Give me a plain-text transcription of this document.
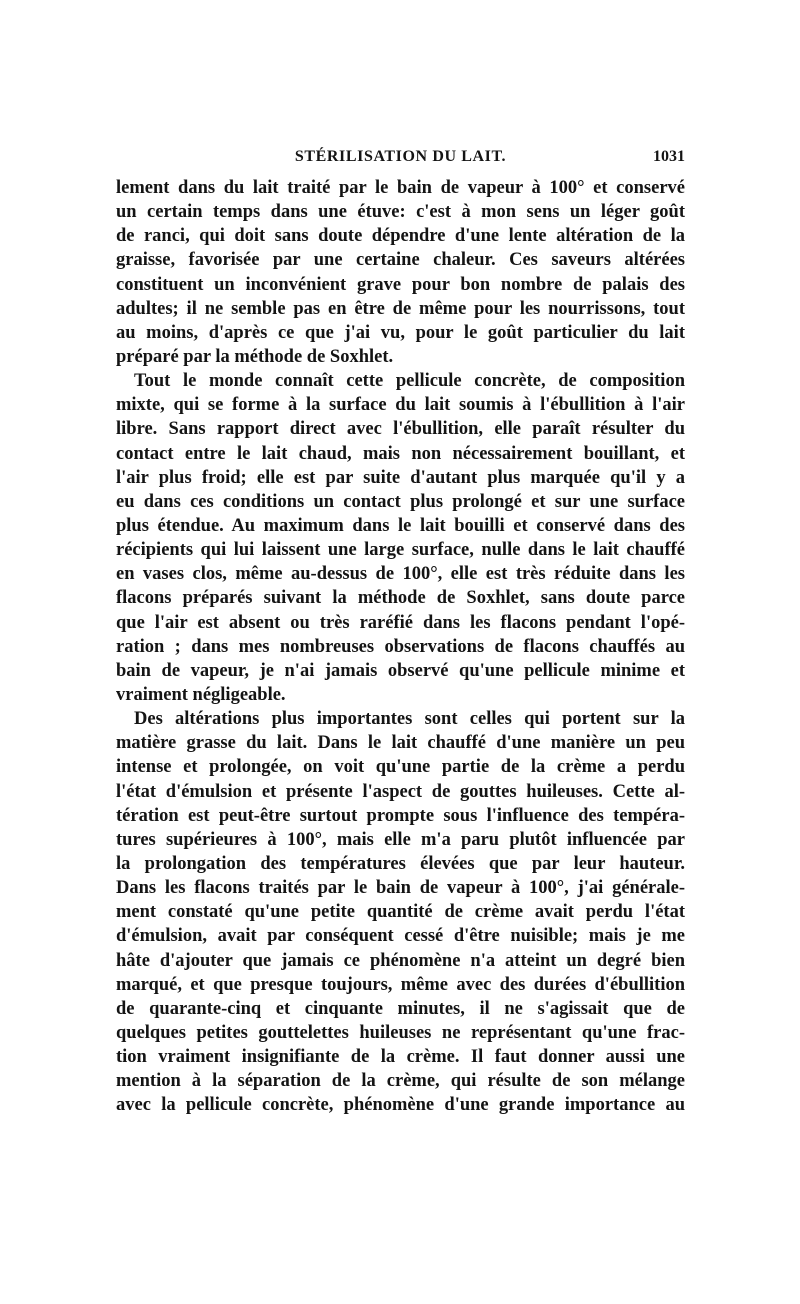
STÉRILISATION DU LAIT.	1031
lement dans du lait traité par le bain de vapeur à 100° et conservé
un certain temps dans une étuve: c'est à mon sens un léger goût
de ranci, qui doit sans doute dépendre d'une lente altération de la
graisse, favorisée par une certaine chaleur. Ces saveurs altérées
constituent un inconvénient grave pour bon nombre de palais des
adultes; il ne semble pas en être de même pour les nourrissons, tout
au moins, d'après ce que j'ai vu, pour le goût particulier du lait
préparé par la méthode de Soxhlet.
Tout le monde connaît cette pellicule concrète, de composition
mixte, qui se forme à la surface du lait soumis à l'ébullition à l'air
libre. Sans rapport direct avec l'ébullition, elle paraît résulter du
contact entre le lait chaud, mais non nécessairement bouillant, et
l'air plus froid; elle est par suite d'autant plus marquée qu'il y a
eu dans ces conditions un contact plus prolongé et sur une surface
plus étendue. Au maximum dans le lait bouilli et conservé dans des
récipients qui lui laissent une large surface, nulle dans le lait chauffé
en vases clos, même au-dessus de 100°, elle est très réduite dans les
flacons préparés suivant la méthode de Soxhlet, sans doute parce
que l'air est absent ou très raréfié dans les flacons pendant l'opé-
ration ; dans mes nombreuses observations de flacons chauffés au
bain de vapeur, je n'ai jamais observé qu'une pellicule minime et
vraiment négligeable.
Des altérations plus importantes sont celles qui portent sur la
matière grasse du lait. Dans le lait chauffé d'une manière un peu
intense et prolongée, on voit qu'une partie de la crème a perdu
l'état d'émulsion et présente l'aspect de gouttes huileuses. Cette al-
tération est peut-être surtout prompte sous l'influence des tempéra-
tures supérieures à 100°, mais elle m'a paru plutôt influencée par
la prolongation des températures élevées que par leur hauteur.
Dans les flacons traités par le bain de vapeur à 100°, j'ai générale-
ment constaté qu'une petite quantité de crème avait perdu l'état
d'émulsion, avait par conséquent cessé d'être nuisible; mais je me
hâte d'ajouter que jamais ce phénomène n'a atteint un degré bien
marqué, et que presque toujours, même avec des durées d'ébullition
de quarante-cinq et cinquante minutes, il ne s'agissait que de
quelques petites gouttelettes huileuses ne représentant qu'une frac-
tion vraiment insignifiante de la crème. Il faut donner aussi une
mention à la séparation de la crème, qui résulte de son mélange
avec la pellicule concrète, phénomène d'une grande importance au
